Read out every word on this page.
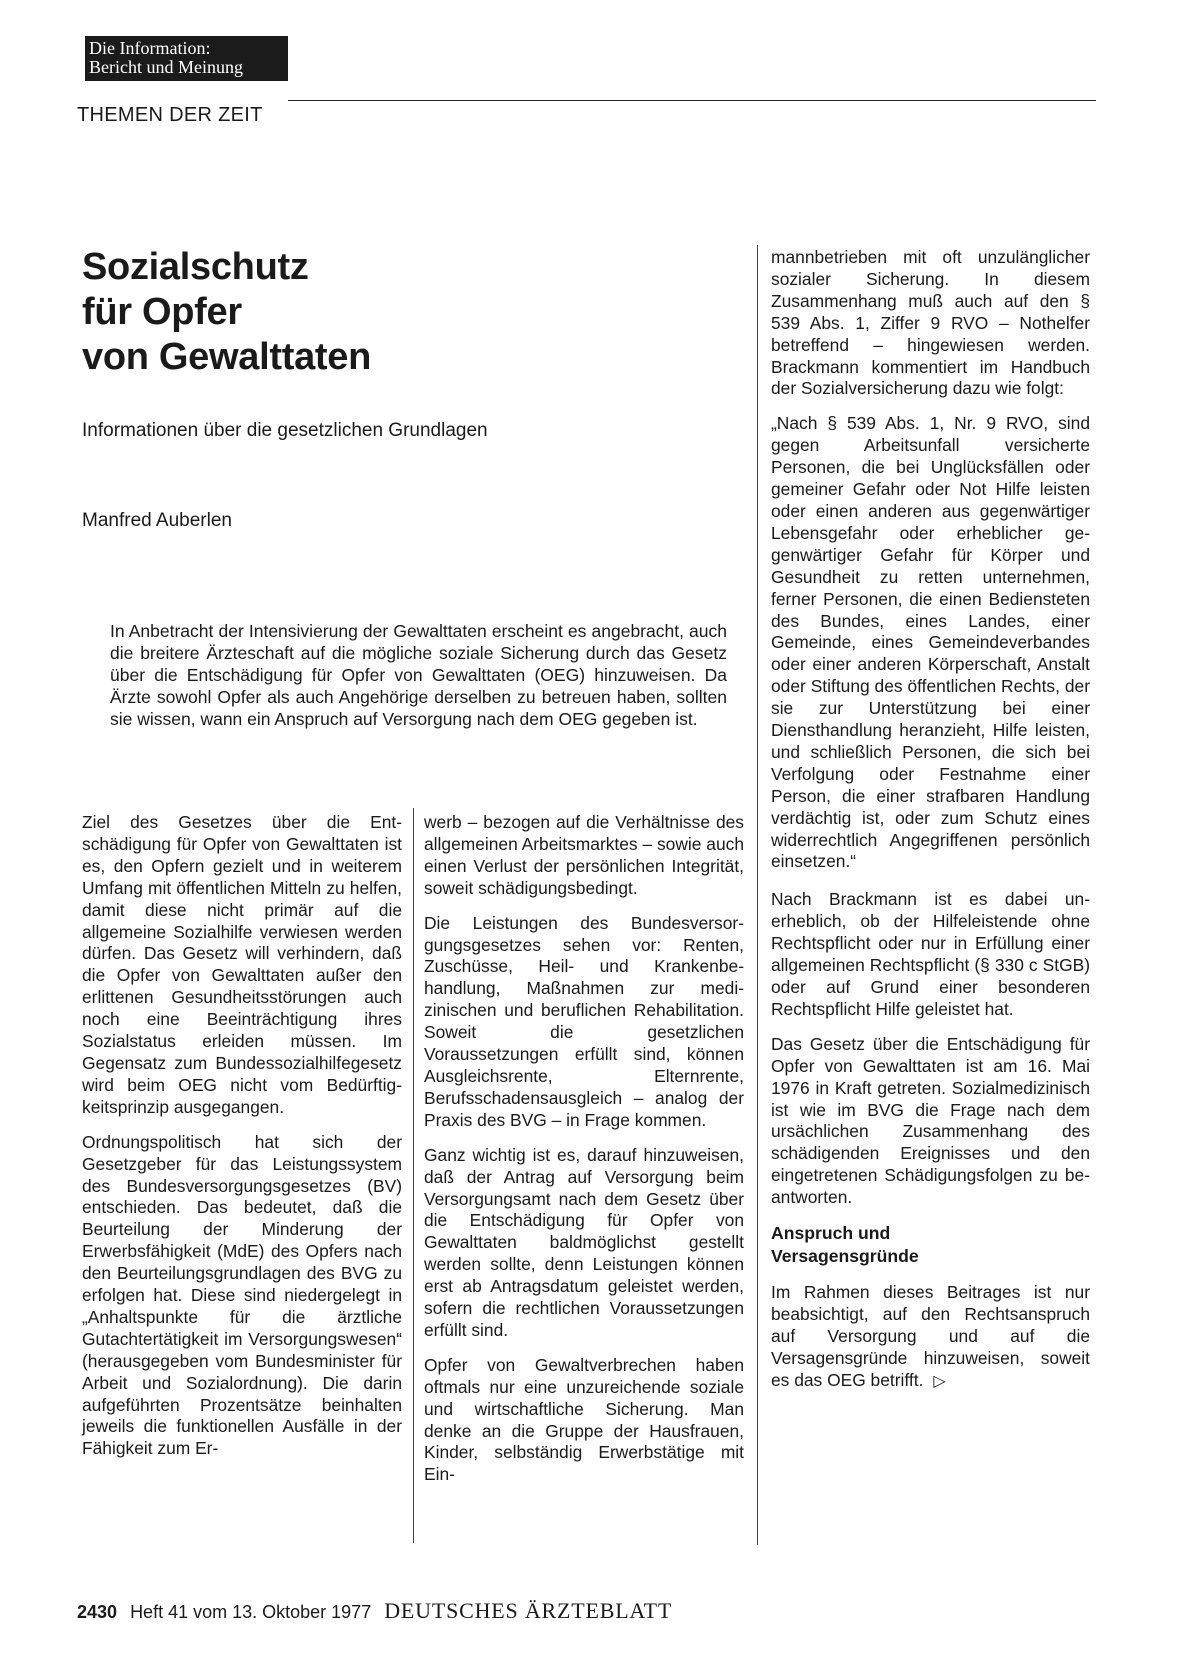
Die Information:
Bericht und Meinung
THEMEN DER ZEIT
Sozialschutz
für Opfer
von Gewalttaten
Informationen über die gesetzlichen Grundlagen
Manfred Auberlen

In Anbetracht der Intensivierung der Gewalttaten erscheint es angebracht, auch die breitere Ärzteschaft auf die mögliche soziale Sicherung durch das Gesetz über die Entschädigung für Opfer von Gewalttaten (OEG) hinzuweisen. Da Ärzte sowohl Opfer als auch Angehörige derselben zu betreuen haben, sollten sie wissen, wann ein Anspruch auf Versorgung nach dem OEG gegeben ist.

Ziel des Gesetzes über die Entschädigung für Opfer von Gewalttaten ist es, den Opfern gezielt und in weiterem Umfang mit öffentlichen Mitteln zu helfen, damit diese nicht primär auf die allgemeine Sozialhilfe verwiesen werden dürfen. Das Gesetz will verhindern, daß die Opfer von Gewalttaten außer den erlittenen Gesundheitsstörungen auch noch eine Beeinträchtigung ihres Sozialstatus erleiden müssen. Im Gegensatz zum Bundessozialhilfegesetz wird beim OEG nicht vom Bedürftigkeitsprinzip ausgegangen.

Ordnungspolitisch hat sich der Gesetzgeber für das Leistungssystem des Bundesversorgungsgesetzes (BV) entschieden. Das bedeutet, daß die Beurteilung der Minderung der Erwerbsfähigkeit (MdE) des Opfers nach den Beurteilungsgrundlagen des BVG zu erfolgen hat. Diese sind niedergelegt in „Anhaltspunkte für die ärztliche Gutachtertätigkeit im Versorgungswesen“ (herausgegeben vom Bundesminister für Arbeit und Sozialordnung). Die darin aufgeführten Prozentsätze beinhalten jeweils die funktionellen Ausfälle in der Fähigkeit zum Er-

werb – bezogen auf die Verhältnisse des allgemeinen Arbeitsmarktes – sowie auch einen Verlust der persönlichen Integrität, soweit schädigungsbedingt.

Die Leistungen des Bundesversorgungsgesetzes sehen vor: Renten, Zuschüsse, Heil- und Krankenbehandlung, Maßnahmen zur medizinischen und beruflichen Rehabilitation. Soweit die gesetzlichen Voraussetzungen erfüllt sind, können Ausgleichsrente, Elternrente, Berufsschadensausgleich – analog der Praxis des BVG – in Frage kommen.

Ganz wichtig ist es, darauf hinzuweisen, daß der Antrag auf Versorgung beim Versorgungsamt nach dem Gesetz über die Entschädigung für Opfer von Gewalttaten baldmöglichst gestellt werden sollte, denn Leistungen können erst ab Antragsdatum geleistet werden, sofern die rechtlichen Voraussetzungen erfüllt sind.

Opfer von Gewaltverbrechen haben oftmals nur eine unzureichende soziale und wirtschaftliche Sicherung. Man denke an die Gruppe der Hausfrauen, Kinder, selbständig Erwerbstätige mit Ein-

mannbetrieben mit oft unzulänglicher sozialer Sicherung. In diesem Zusammenhang muß auch auf den § 539 Abs. 1, Ziffer 9 RVO – Nothelfer betreffend – hingewiesen werden. Brackmann kommentiert im Handbuch der Sozialversicherung dazu wie folgt:

„Nach § 539 Abs. 1, Nr. 9 RVO, sind gegen Arbeitsunfall versicherte Personen, die bei Unglücksfällen oder gemeiner Gefahr oder Not Hilfe leisten oder einen anderen aus gegenwärtiger Lebensgefahr oder erheblicher gegenwärtiger Gefahr für Körper und Gesundheit zu retten unternehmen, ferner Personen, die einen Bediensteten des Bundes, eines Landes, einer Gemeinde, eines Gemeindeverbandes oder einer anderen Körperschaft, Anstalt oder Stiftung des öffentlichen Rechts, der sie zur Unterstützung bei einer Diensthandlung heranzieht, Hilfe leisten, und schließlich Personen, die sich bei Verfolgung oder Festnahme einer Person, die einer strafbaren Handlung verdächtig ist, oder zum Schutz eines widerrechtlich Angegriffenen persönlich einsetzen.“

Nach Brackmann ist es dabei unerheblich, ob der Hilfeleistende ohne Rechtspflicht oder nur in Erfüllung einer allgemeinen Rechtspflicht (§ 330 c StGB) oder auf Grund einer besonderen Rechtspflicht Hilfe geleistet hat.

Das Gesetz über die Entschädigung für Opfer von Gewalttaten ist am 16. Mai 1976 in Kraft getreten. Sozialmedizinisch ist wie im BVG die Frage nach dem ursächlichen Zusammenhang des schädigenden Ereignisses und den eingetretenen Schädigungsfolgen zu beantworten.

Anspruch und
Versagensgründe

Im Rahmen dieses Beitrages ist nur beabsichtigt, auf den Rechtsanspruch auf Versorgung und auf die Versagensgründe hinzuweisen, soweit es das OEG betrifft. ▷

2430 Heft 41 vom 13. Oktober 1977 DEUTSCHES ÄRZTEBLATT
